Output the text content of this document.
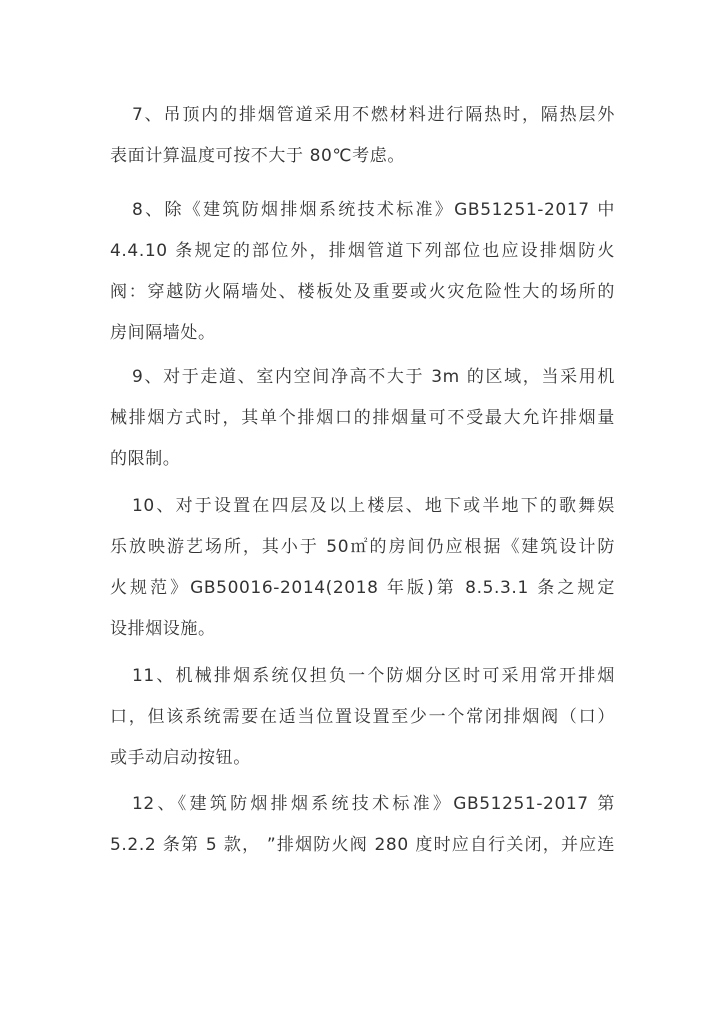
7、吊顶内的排烟管道采用不燃材料进行隔热时，隔热层外
表面计算温度可按不大于 80℃考虑。
8、除《建筑防烟排烟系统技术标准》GB51251-2017 中
4.4.10 条规定的部位外，排烟管道下列部位也应设排烟防火
阀：穿越防火隔墙处、楼板处及重要或火灾危险性大的场所的
房间隔墙处。
9、对于走道、室内空间净高不大于 3m 的区域，当采用机
械排烟方式时，其单个排烟口的排烟量可不受最大允许排烟量
的限制。
10、对于设置在四层及以上楼层、地下或半地下的歌舞娱
乐放映游艺场所，其小于 50㎡的房间仍应根据《建筑设计防
火规范》GB50016-2014(2018 年版)第 8.5.3.1 条之规定
设排烟设施。
11、机械排烟系统仅担负一个防烟分区时可采用常开排烟
口，但该系统需要在适当位置设置至少一个常闭排烟阀（口）
或手动启动按钮。
12、《建筑防烟排烟系统技术标准》GB51251-2017 第
5.2.2 条第 5 款， ”排烟防火阀 280 度时应自行关闭，并应连
